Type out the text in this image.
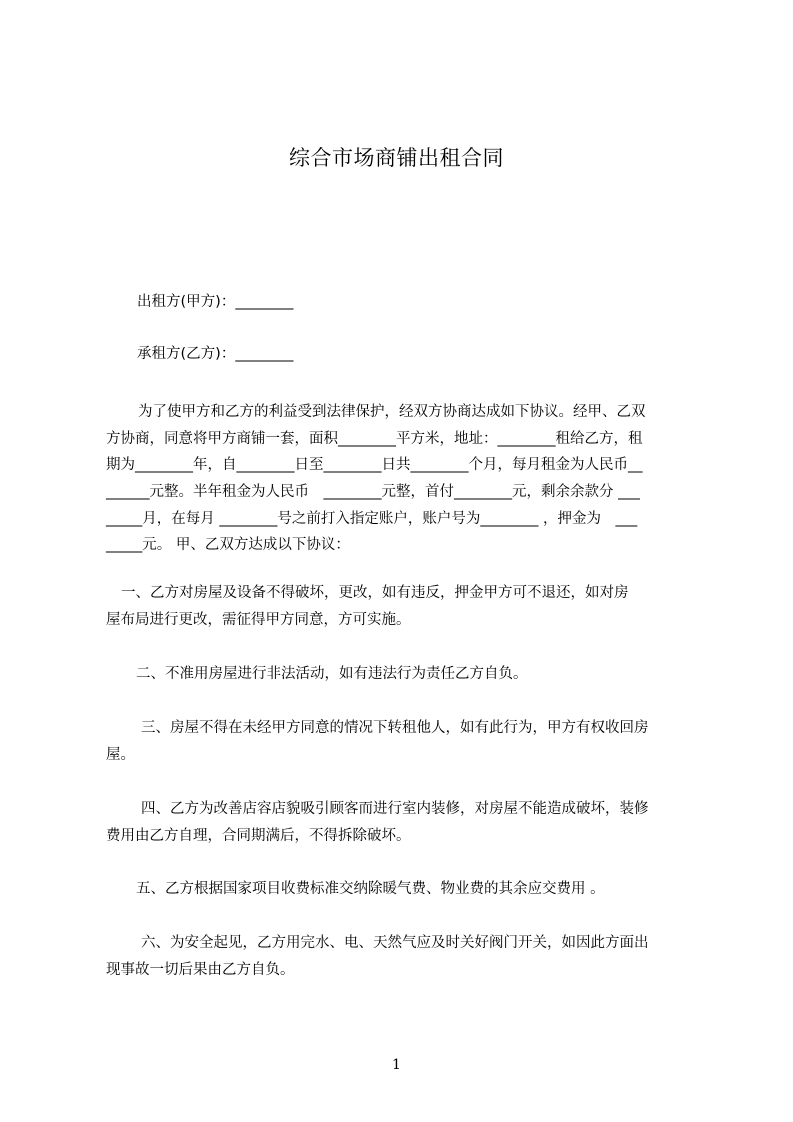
综合市场商铺出租合同
出租方(甲方)：________
承租方(乙方)：________
为了使甲方和乙方的利益受到法律保护，经双方协商达成如下协议。经甲、乙双
方协商，同意将甲方商铺一套，面积________平方米，地址：________租给乙方，租
期为________年，自________日至________日共________个月，每月租金为人民币__
______元整。半年租金为人民币　________元整，首付________元，剩余余款分 ___
_____月，在每月 ________号之前打入指定账户，账户号为________ ，押金为　___
_____元。 甲、乙双方达成以下协议：
一、乙方对房屋及设备不得破坏，更改，如有违反，押金甲方可不退还，如对房
屋布局进行更改，需征得甲方同意，方可实施。
二、不准用房屋进行非法活动，如有违法行为责任乙方自负。
三、房屋不得在未经甲方同意的情况下转租他人，如有此行为，甲方有权收回房
屋。
四、乙方为改善店容店貌吸引顾客而进行室内装修，对房屋不能造成破坏，装修
费用由乙方自理，合同期满后，不得拆除破坏。
五、乙方根据国家项目收费标准交纳除暖气费、物业费的其余应交费用 。
六、为安全起见，乙方用完水、电、天然气应及时关好阀门开关，如因此方面出
现事故一切后果由乙方自负。
1
